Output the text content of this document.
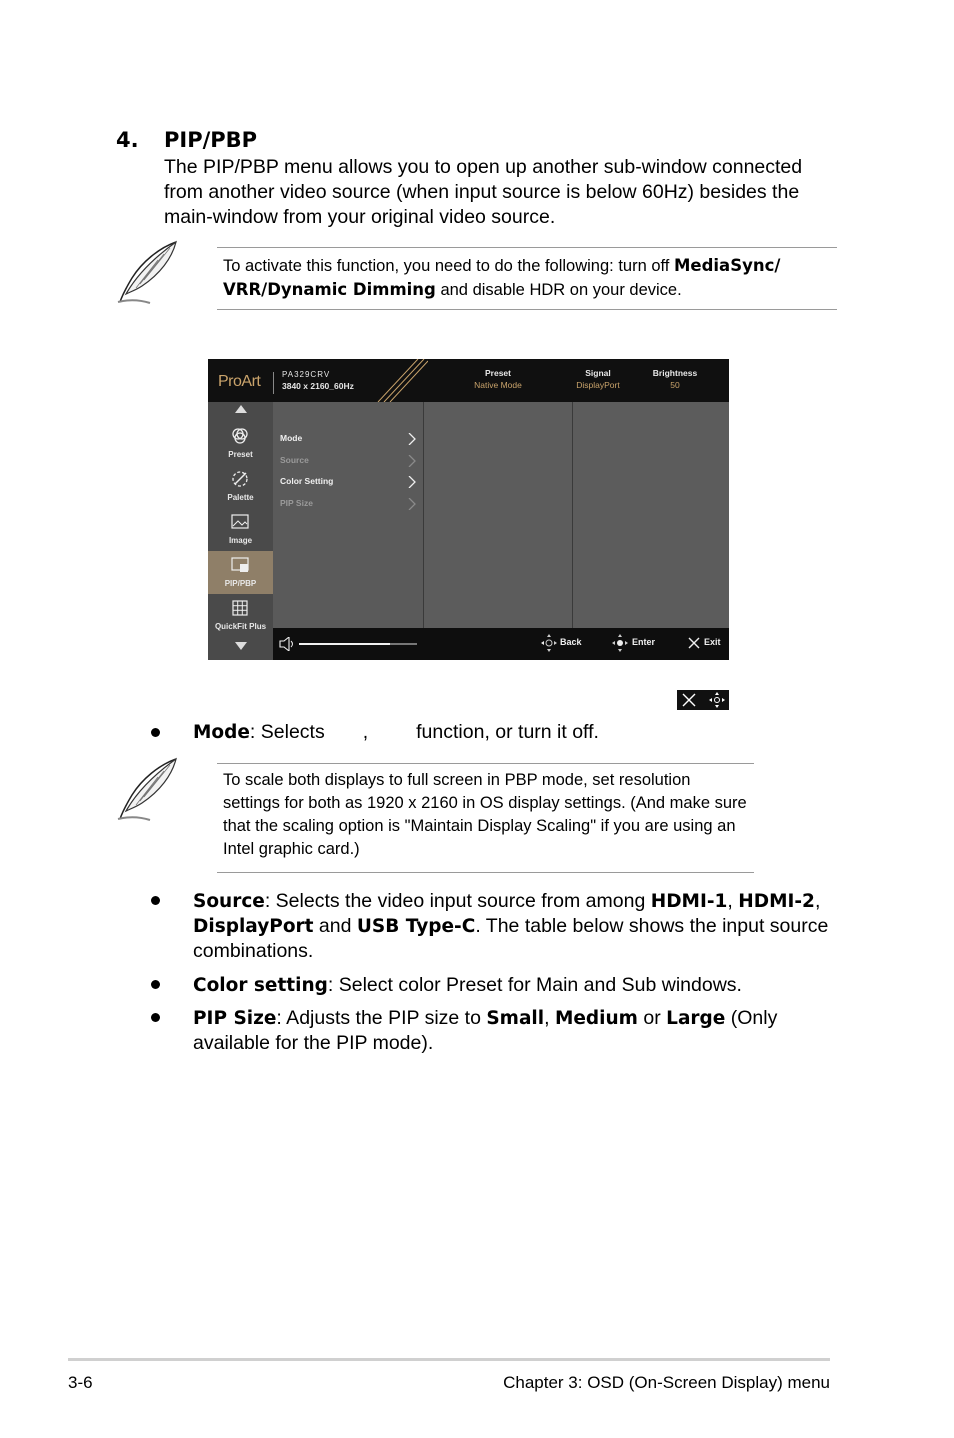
4. PIP/PBP
The PIP/PBP menu allows you to open up another sub-window connected from another video source (when input source is below 60Hz) besides the main-window from your original video source.
To activate this function, you need to do the following: turn off MediaSync/ VRR/Dynamic Dimming and disable HDR on your device.
ProArt	PA329CRV
3840 x 2160_60Hz
Preset
Native Mode
Signal
DisplayPort
Brightness
50
Preset
Palette
Image
PIP/PBP
QuickFit Plus
Mode
Source
Color Setting
PIP Size
Back	Enter	Exit
Mode: Selects , function, or turn it off.
To scale both displays to full screen in PBP mode, set resolution settings for both as 1920 x 2160 in OS display settings. (And make sure that the scaling option is "Maintain Display Scaling" if you are using an Intel graphic card.)
Source: Selects the video input source from among HDMI-1, HDMI-2, DisplayPort and USB Type-C. The table below shows the input source combinations.
Color setting: Select color Preset for Main and Sub windows.
PIP Size: Adjusts the PIP size to Small, Medium or Large (Only available for the PIP mode).
3-6	Chapter 3: OSD (On-Screen Display) menu
